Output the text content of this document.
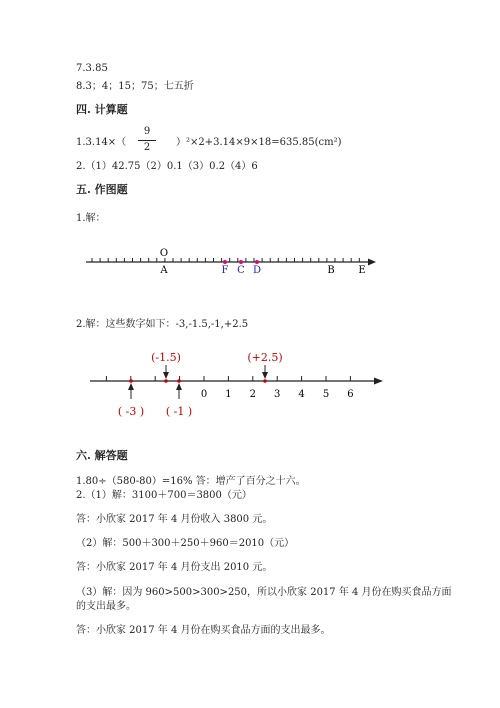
7.3.85
8.3；4；15；75；七五折
四. 计算题
1.3.14×（
9
2	）²×2+3.14×9×18=635.85(cm²)
2.（1）42.75（2）0.1（3）0.2（4）6
五. 作图题
1.解：
O
A	F C D	B E
0 1 2 3 4 5 6
(-1.5)	(+2.5)
( -3 ) ( -1 )
2.解：这些数字如下：-3,-1.5,-1,+2.5
六. 解答题
1.80÷（580-80）=16% 答：增产了百分之十六。
2.（1）解：3100＋700＝3800（元）
答：小欣家 2017 年 4 月份收入 3800 元。
（2）解：500＋300＋250＋960＝2010（元）
答：小欣家 2017 年 4 月份支出 2010 元。
（3）解：因为 960>500>300>250，所以小欣家 2017 年 4 月份在购买食品方面
的支出最多。
答：小欣家 2017 年 4 月份在购买食品方面的支出最多。
